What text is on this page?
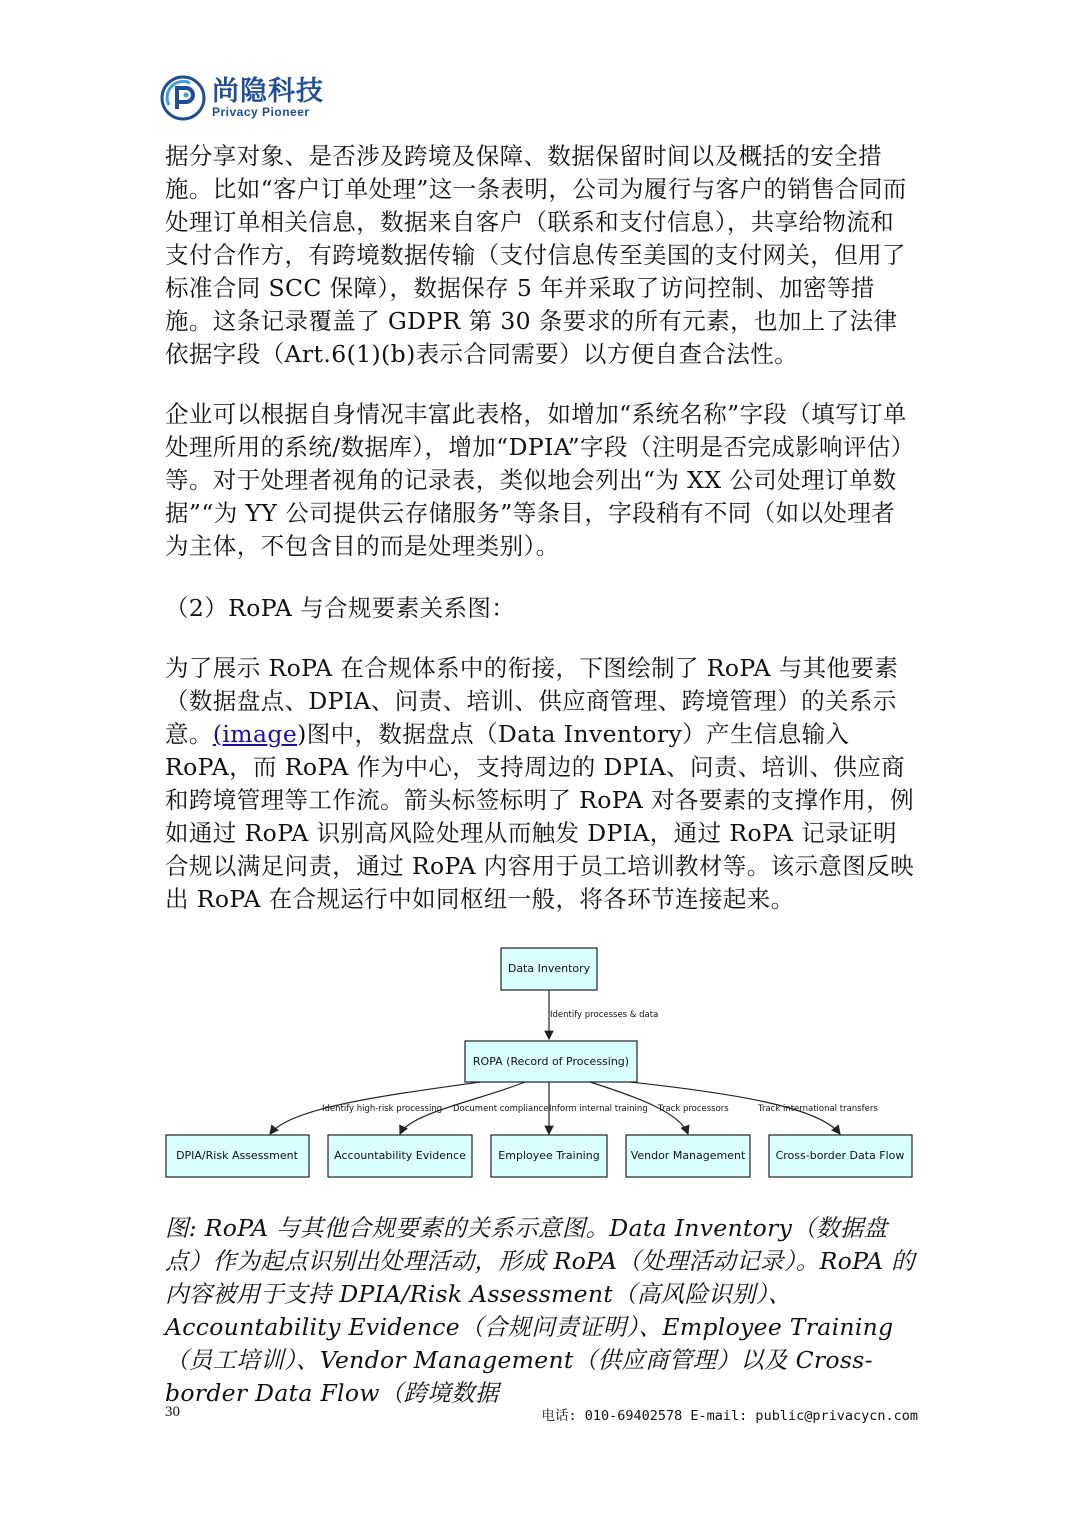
尚隐科技
Privacy Pioneer

据分享对象、是否涉及跨境及保障、数据保留时间以及概括的安全措施。比如“客户订单处理”这一条表明，公司为履行与客户的销售合同而处理订单相关信息，数据来自客户（联系和支付信息），共享给物流和支付合作方，有跨境数据传输（支付信息传至美国的支付网关，但用了标准合同 SCC 保障），数据保存 5 年并采取了访问控制、加密等措施。这条记录覆盖了 GDPR 第 30 条要求的所有元素，也加上了法律依据字段（Art.6(1)(b)表示合同需要）以方便自查合法性。

企业可以根据自身情况丰富此表格，如增加“系统名称”字段（填写订单处理所用的系统/数据库），增加“DPIA”字段（注明是否完成影响评估）等。对于处理者视角的记录表，类似地会列出“为 XX 公司处理订单数据”“为 YY 公司提供云存储服务”等条目，字段稍有不同（如以处理者为主体，不包含目的而是处理类别）。

（2）RoPA 与合规要素关系图：

为了展示 RoPA 在合规体系中的衔接，下图绘制了 RoPA 与其他要素（数据盘点、DPIA、问责、培训、供应商管理、跨境管理）的关系示意。(image)图中，数据盘点（Data Inventory）产生信息输入 RoPA，而 RoPA 作为中心，支持周边的 DPIA、问责、培训、供应商和跨境管理等工作流。箭头标签标明了 RoPA 对各要素的支撑作用，例如通过 RoPA 识别高风险处理从而触发 DPIA，通过 RoPA 记录证明合规以满足问责，通过 RoPA 内容用于员工培训教材等。该示意图反映出 RoPA 在合规运行中如同枢纽一般，将各环节连接起来。

Identify processes & data
Identify high-risk processing Document compliance Inform internal training Track processors	Track international transfers
Data Inventory
ROPA (Record of Processing)
DPIA/Risk Assessment	Accountability Evidence	Employee Training	Vendor Management	Cross-border Data Flow

图: RoPA 与其他合规要素的关系示意图。Data Inventory（数据盘点）作为起点识别出处理活动，形成 RoPA（处理活动记录）。RoPA 的内容被用于支持 DPIA/Risk Assessment（高风险识别）、Accountability Evidence（合规问责证明）、Employee Training（员工培训）、Vendor Management（供应商管理）以及 Cross-border Data Flow（跨境数据

30	电话: 010-69402578 E-mail: public@privacycn.com
